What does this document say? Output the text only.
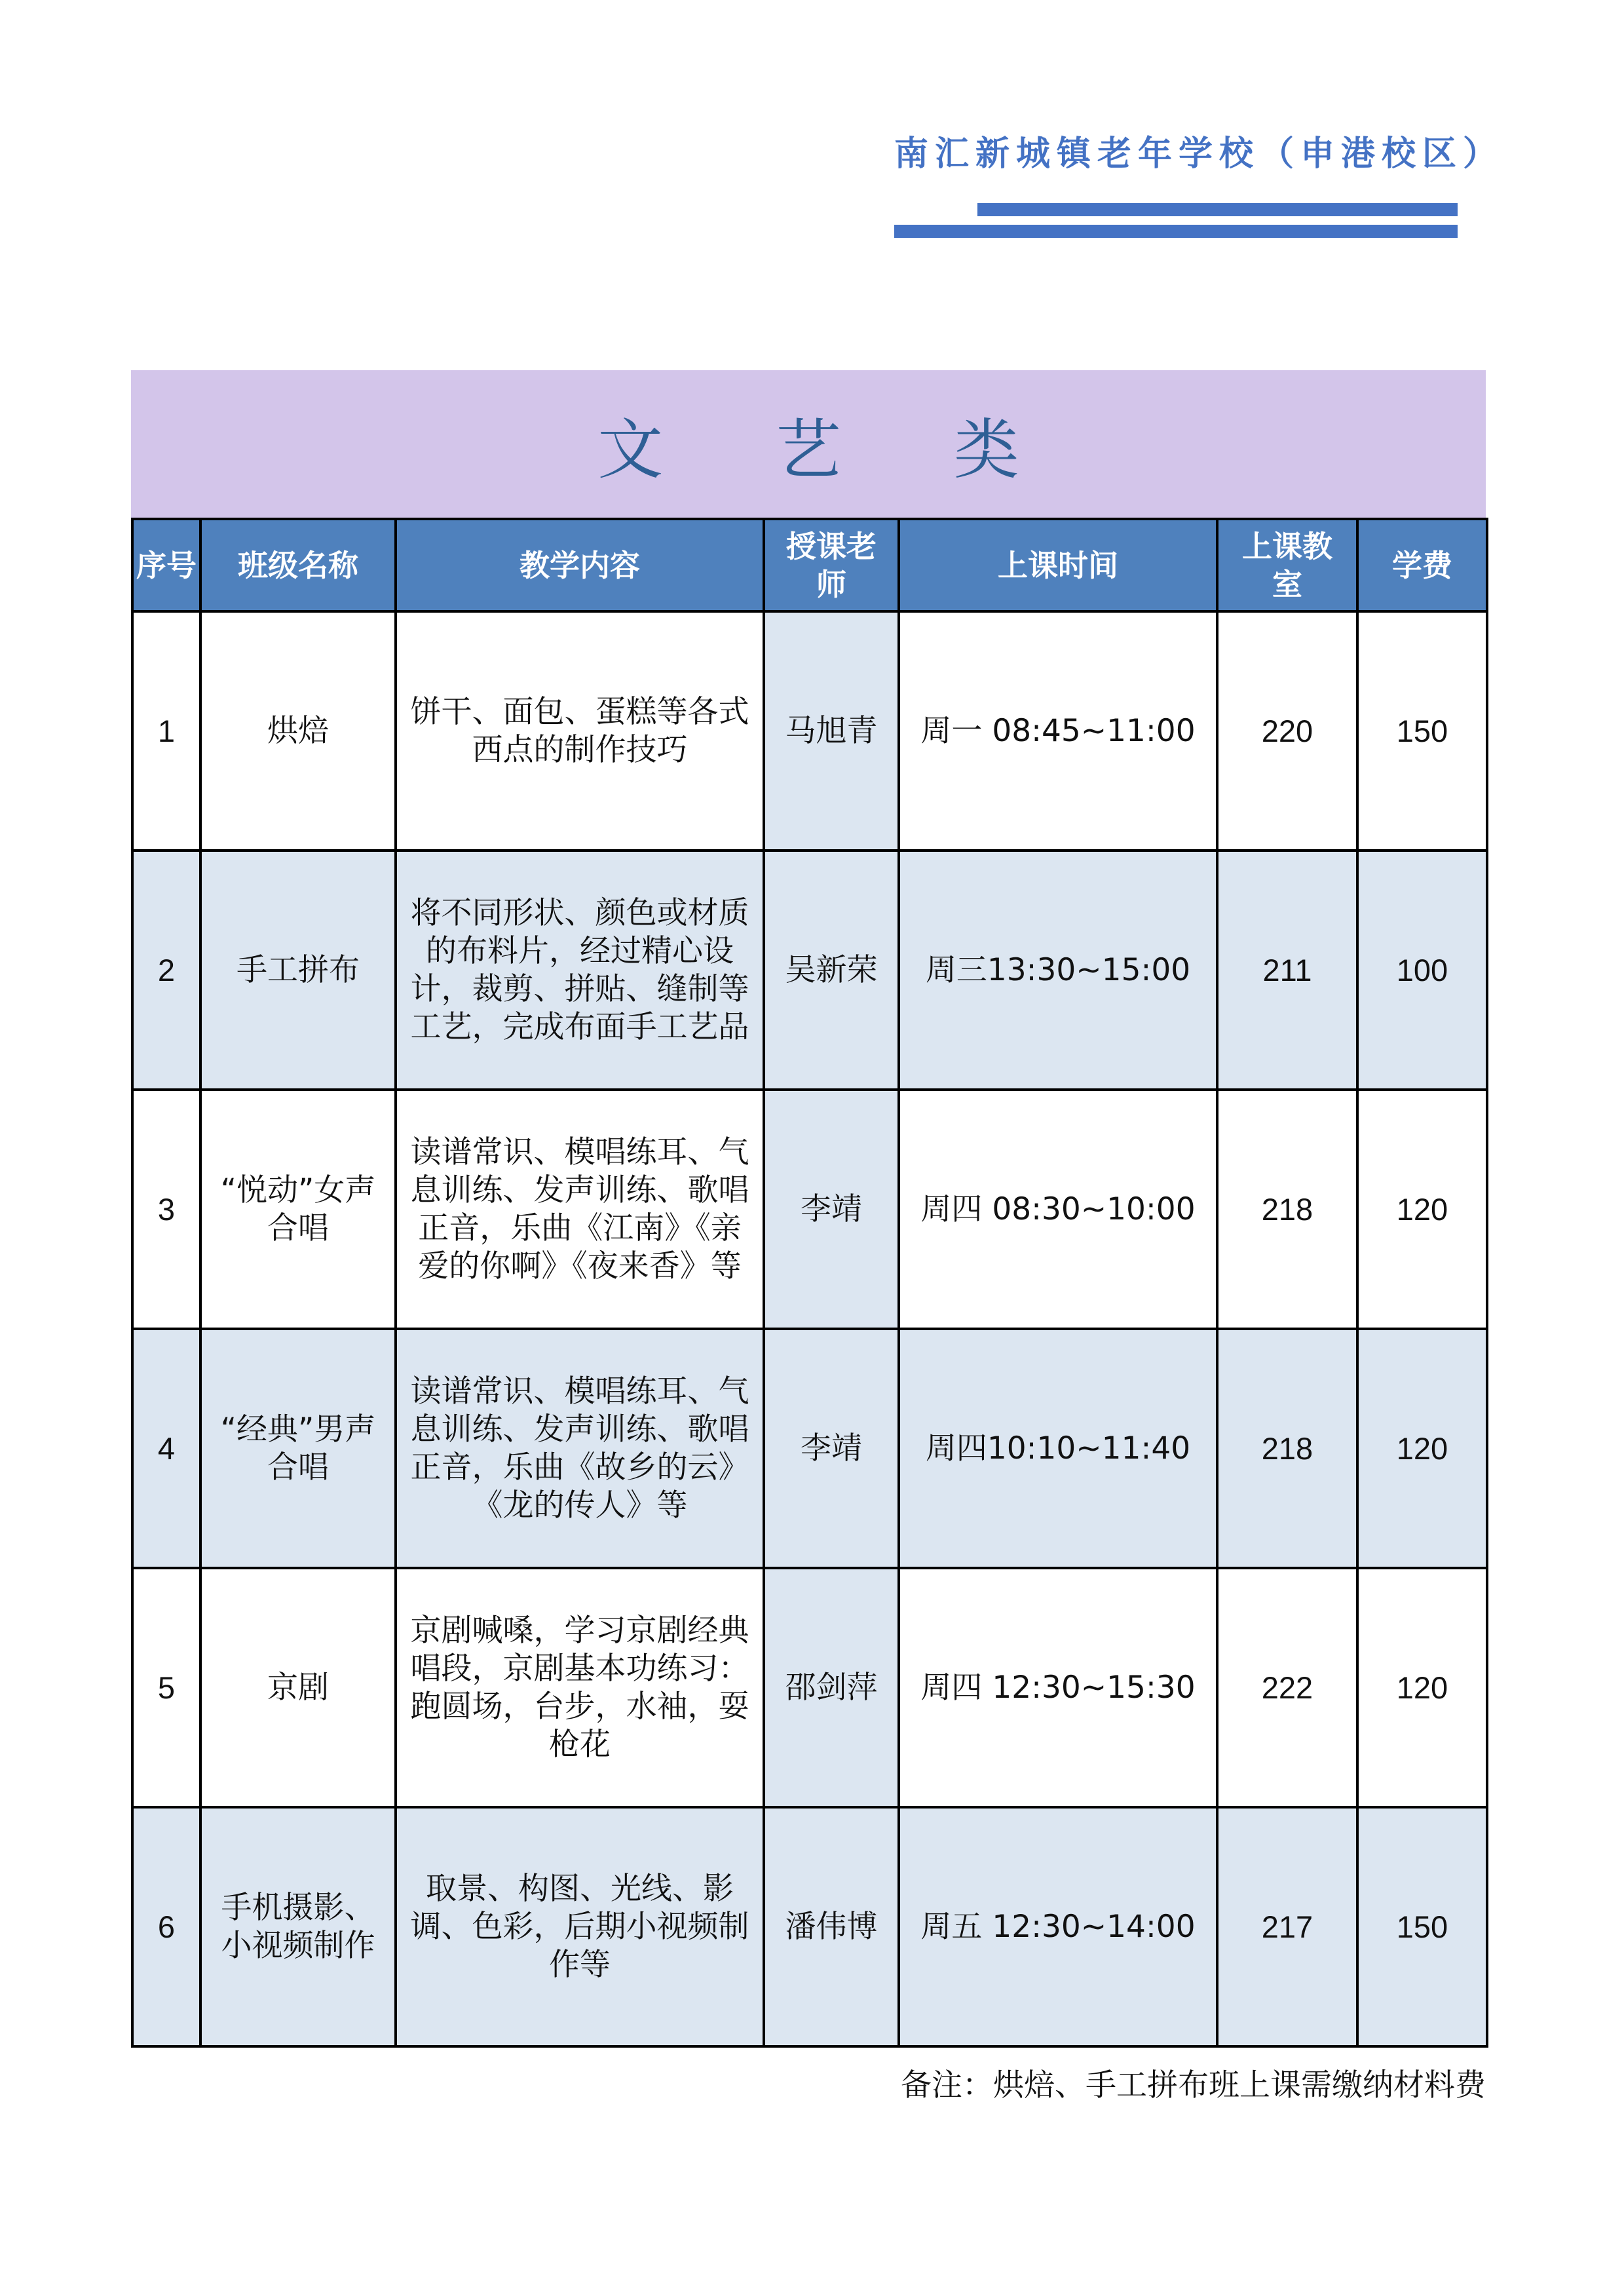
南汇新城镇老年学校（申港校区）
文 艺 类
序号	班级名称	教学内容	授课老师	上课时间	上课教室	学费
1	烘焙	饼干、面包、蛋糕等各式西点的制作技巧	马旭青	周一 08:45~11:00	220	150
2	手工拼布	将不同形状、颜色或材质的布料片，经过精心设计，裁剪、拼贴、缝制等工艺，完成布面手工艺品	吴新荣	周三13:30~15:00	211	100
3	“悦动”女声合唱	读谱常识、模唱练耳、气息训练、发声训练、歌唱 正音，乐曲《江南》《亲爱的你啊》《夜来香》等	李靖	周四 08:30~10:00	218	120
4	“经典”男声合唱	读谱常识、模唱练耳、气息训练、发声训练、歌唱 正音，乐曲《故乡的云》《龙的传人》等	李靖	周四10:10~11:40	218	120
5	京剧	京剧喊嗓，学习京剧经典唱段，京剧基本功练习：跑圆场，台步，水袖，耍枪花	邵剑萍	周四 12:30~15:30	222	120
6	手机摄影、小视频制作	取景、构图、光线、影调、色彩，后期小视频制作等	潘伟博	周五 12:30~14:00	217	150
备注：烘焙、手工拼布班上课需缴纳材料费
